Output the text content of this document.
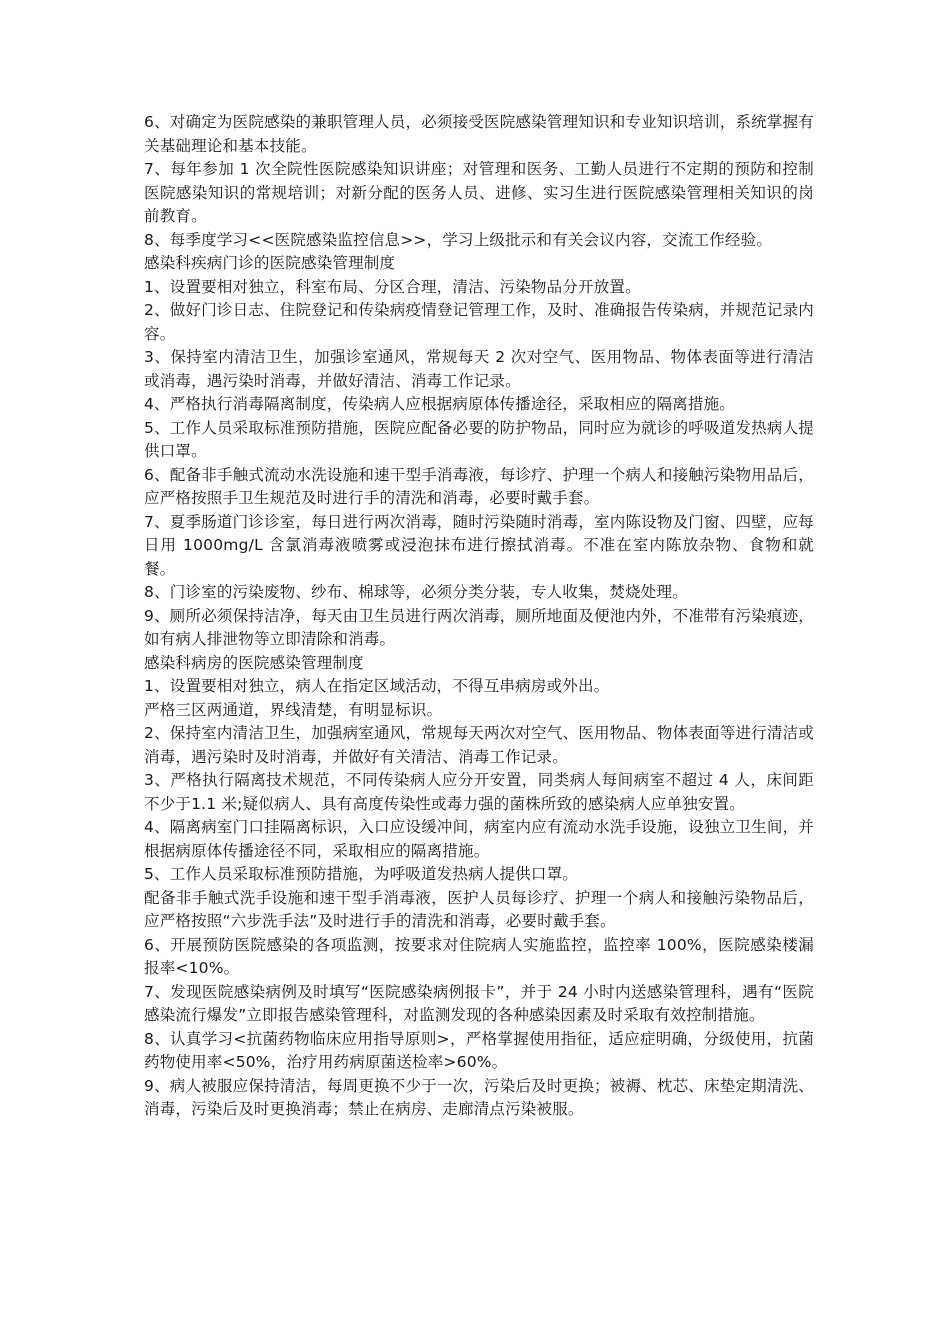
6、对确定为医院感染的兼职管理人员，必须接受医院感染管理知识和专业知识培训，系统掌握有关基础理论和基本技能。

7、每年参加 1 次全院性医院感染知识讲座；对管理和医务、工勤人员进行不定期的预防和控制医院感染知识的常规培训；对新分配的医务人员、进修、实习生进行医院感染管理相关知识的岗前教育。

8、每季度学习<<医院感染监控信息>>，学习上级批示和有关会议内容，交流工作经验。

感染科疾病门诊的医院感染管理制度

1、设置要相对独立，科室布局、分区合理，清洁、污染物品分开放置。

2、做好门诊日志、住院登记和传染病疫情登记管理工作，及时、准确报告传染病，并规范记录内容。

3、保持室内清洁卫生，加强诊室通风，常规每天 2 次对空气、医用物品、物体表面等进行清洁或消毒，遇污染时消毒，并做好清洁、消毒工作记录。

4、严格执行消毒隔离制度，传染病人应根据病原体传播途径，采取相应的隔离措施。

5、工作人员采取标准预防措施，医院应配备必要的防护物品，同时应为就诊的呼吸道发热病人提供口罩。

6、配备非手触式流动水洗设施和速干型手消毒液，每诊疗、护理一个病人和接触污染物用品后，应严格按照手卫生规范及时进行手的清洗和消毒，必要时戴手套。

7、夏季肠道门诊诊室，每日进行两次消毒，随时污染随时消毒，室内陈设物及门窗、四壁，应每日用 1000mg/L 含氯消毒液喷雾或浸泡抹布进行擦拭消毒。不准在室内陈放杂物、食物和就餐。

8、门诊室的污染废物、纱布、棉球等，必须分类分装，专人收集，焚烧处理。

9、厕所必须保持洁净，每天由卫生员进行两次消毒，厕所地面及便池内外，不准带有污染痕迹，如有病人排泄物等立即清除和消毒。

感染科病房的医院感染管理制度

1、设置要相对独立，病人在指定区域活动，不得互串病房或外出。

严格三区两通道，界线清楚，有明显标识。

2、保持室内清洁卫生，加强病室通风，常规每天两次对空气、医用物品、物体表面等进行清洁或消毒，遇污染时及时消毒，并做好有关清洁、消毒工作记录。

3、严格执行隔离技术规范，不同传染病人应分开安置，同类病人每间病室不超过 4 人，床间距不少于1.1 米;疑似病人、具有高度传染性或毒力强的菌株所致的感染病人应单独安置。

4、隔离病室门口挂隔离标识，入口应设缓冲间，病室内应有流动水洗手设施，设独立卫生间，并根据病原体传播途径不同，采取相应的隔离措施。

5、工作人员采取标准预防措施，为呼吸道发热病人提供口罩。

配备非手触式洗手设施和速干型手消毒液，医护人员每诊疗、护理一个病人和接触污染物品后，应严格按照“六步洗手法”及时进行手的清洗和消毒，必要时戴手套。

6、开展预防医院感染的各项监测，按要求对住院病人实施监控，监控率 100%，医院感染楼漏报率<10%。

7、发现医院感染病例及时填写“医院感染病例报卡”，并于 24 小时内送感染管理科，遇有“医院感染流行爆发”立即报告感染管理科，对监测发现的各种感染因素及时采取有效控制措施。

8、认真学习<抗菌药物临床应用指导原则>，严格掌握使用指征，适应症明确，分级使用，抗菌药物使用率<50%，治疗用药病原菌送检率>60%。

9、病人被服应保持清洁，每周更换不少于一次，污染后及时更换；被褥、枕芯、床垫定期清洗、消毒，污染后及时更换消毒；禁止在病房、走廊清点污染被服。
